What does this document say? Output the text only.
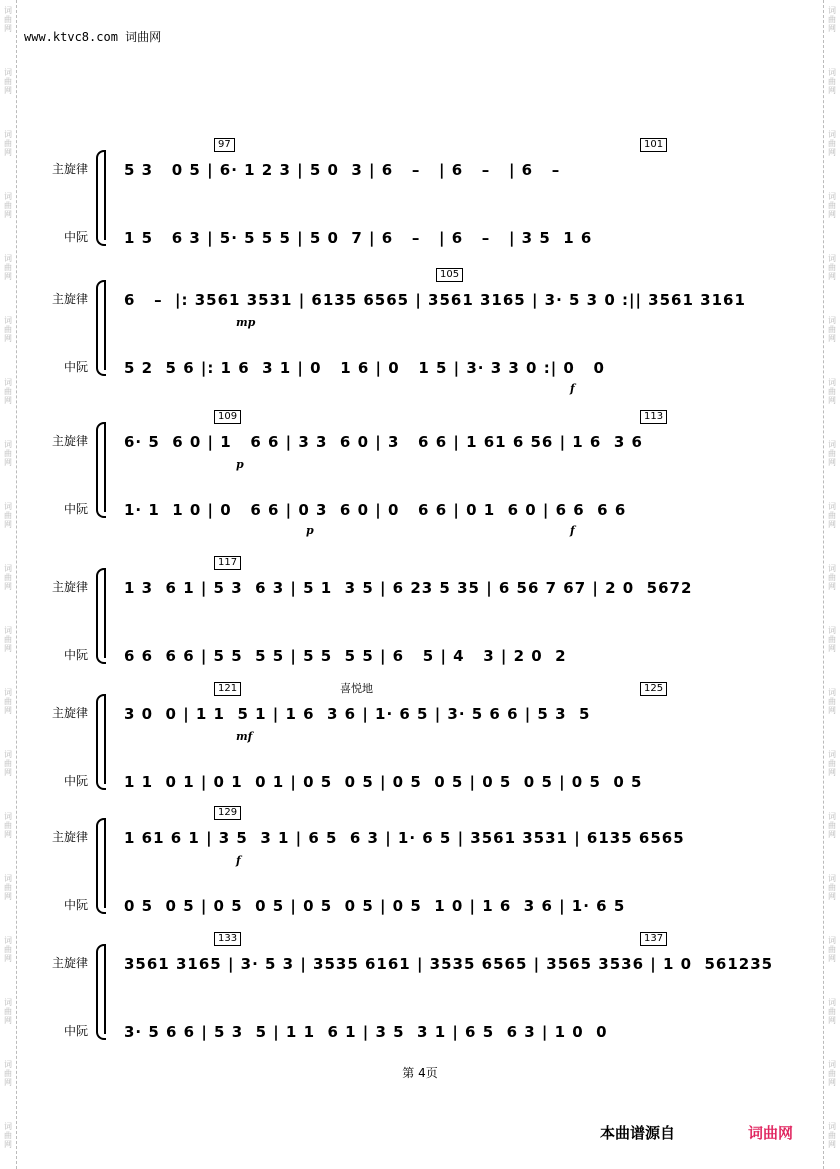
词
曲
网
词
曲
网
词
曲
网
词
曲
网
词
曲
网
词
曲
网
词
曲
网
词
曲
网
词
曲
网
词
曲
网
词
曲
网
词
曲
网
词
曲
网
词
曲
网
词
曲
网
词
曲
网
词
曲
网
词
曲
网
词
曲
网
词
曲
网
词
曲
网
词
曲
网
词
曲
网
词
曲
网
词
曲
网
词
曲
网
词
曲
网
词
曲
网
词
曲
网
词
曲
网
词
曲
网
词
曲
网
词
曲
网
词
曲
网
词
曲
网
词
曲
网
词
曲
网
词
曲
网
www.ktvc8.com 词曲网
主旋律
中阮
5 3   0 5 | 6· 1 2 3 | 5 0  3 | 6   –   | 6   –   | 6   –
1 5   6 3 | 5· 5 5 5 | 5 0  7 | 6   –   | 6   –   | 3 5  1 6
97	101
主旋律
中阮
6   –  |: 3561 3531 | 6135 6565 | 3561 3165 | 3· 5 3 0 :|| 3561 3161
5 2  5 6 |: 1 6  3 1 | 0   1 6 | 0   1 5 | 3· 3 3 0 :| 0   0
105
mp
f
主旋律
中阮
6· 5  6 0 | 1   6 6 | 3 3  6 0 | 3   6 6 | 1 61 6 56 | 1 6  3 6
1· 1  1 0 | 0   6 6 | 0 3  6 0 | 0   6 6 | 0 1  6 0 | 6 6  6 6
109	113
p
f
p
主旋律
中阮
1 3  6 1 | 5 3  6 3 | 5 1  3 5 | 6 23 5 35 | 6 56 7 67 | 2 0  5672
6 6  6 6 | 5 5  5 5 | 5 5  5 5 | 6   5 | 4   3 | 2 0  2
117
主旋律
中阮
3 0  0 | 1 1  5 1 | 1 6  3 6 | 1· 6 5 | 3· 5 6 6 | 5 3  5
1 1  0 1 | 0 1  0 1 | 0 5  0 5 | 0 5  0 5 | 0 5  0 5 | 0 5  0 5
121	125
喜悦地
mf
主旋律
中阮
1 61 6 1 | 3 5  3 1 | 6 5  6 3 | 1· 6 5 | 3561 3531 | 6135 6565
0 5  0 5 | 0 5  0 5 | 0 5  0 5 | 0 5  1 0 | 1 6  3 6 | 1· 6 5
129
f
主旋律
中阮
3561 3165 | 3· 5 3 | 3535 6161 | 3535 6565 | 3565 3536 | 1 0  561235
3· 5 6 6 | 5 3  5 | 1 1  6 1 | 3 5  3 1 | 6 5  6 3 | 1 0  0
133	137
第 4页
本曲谱源自	词曲网
